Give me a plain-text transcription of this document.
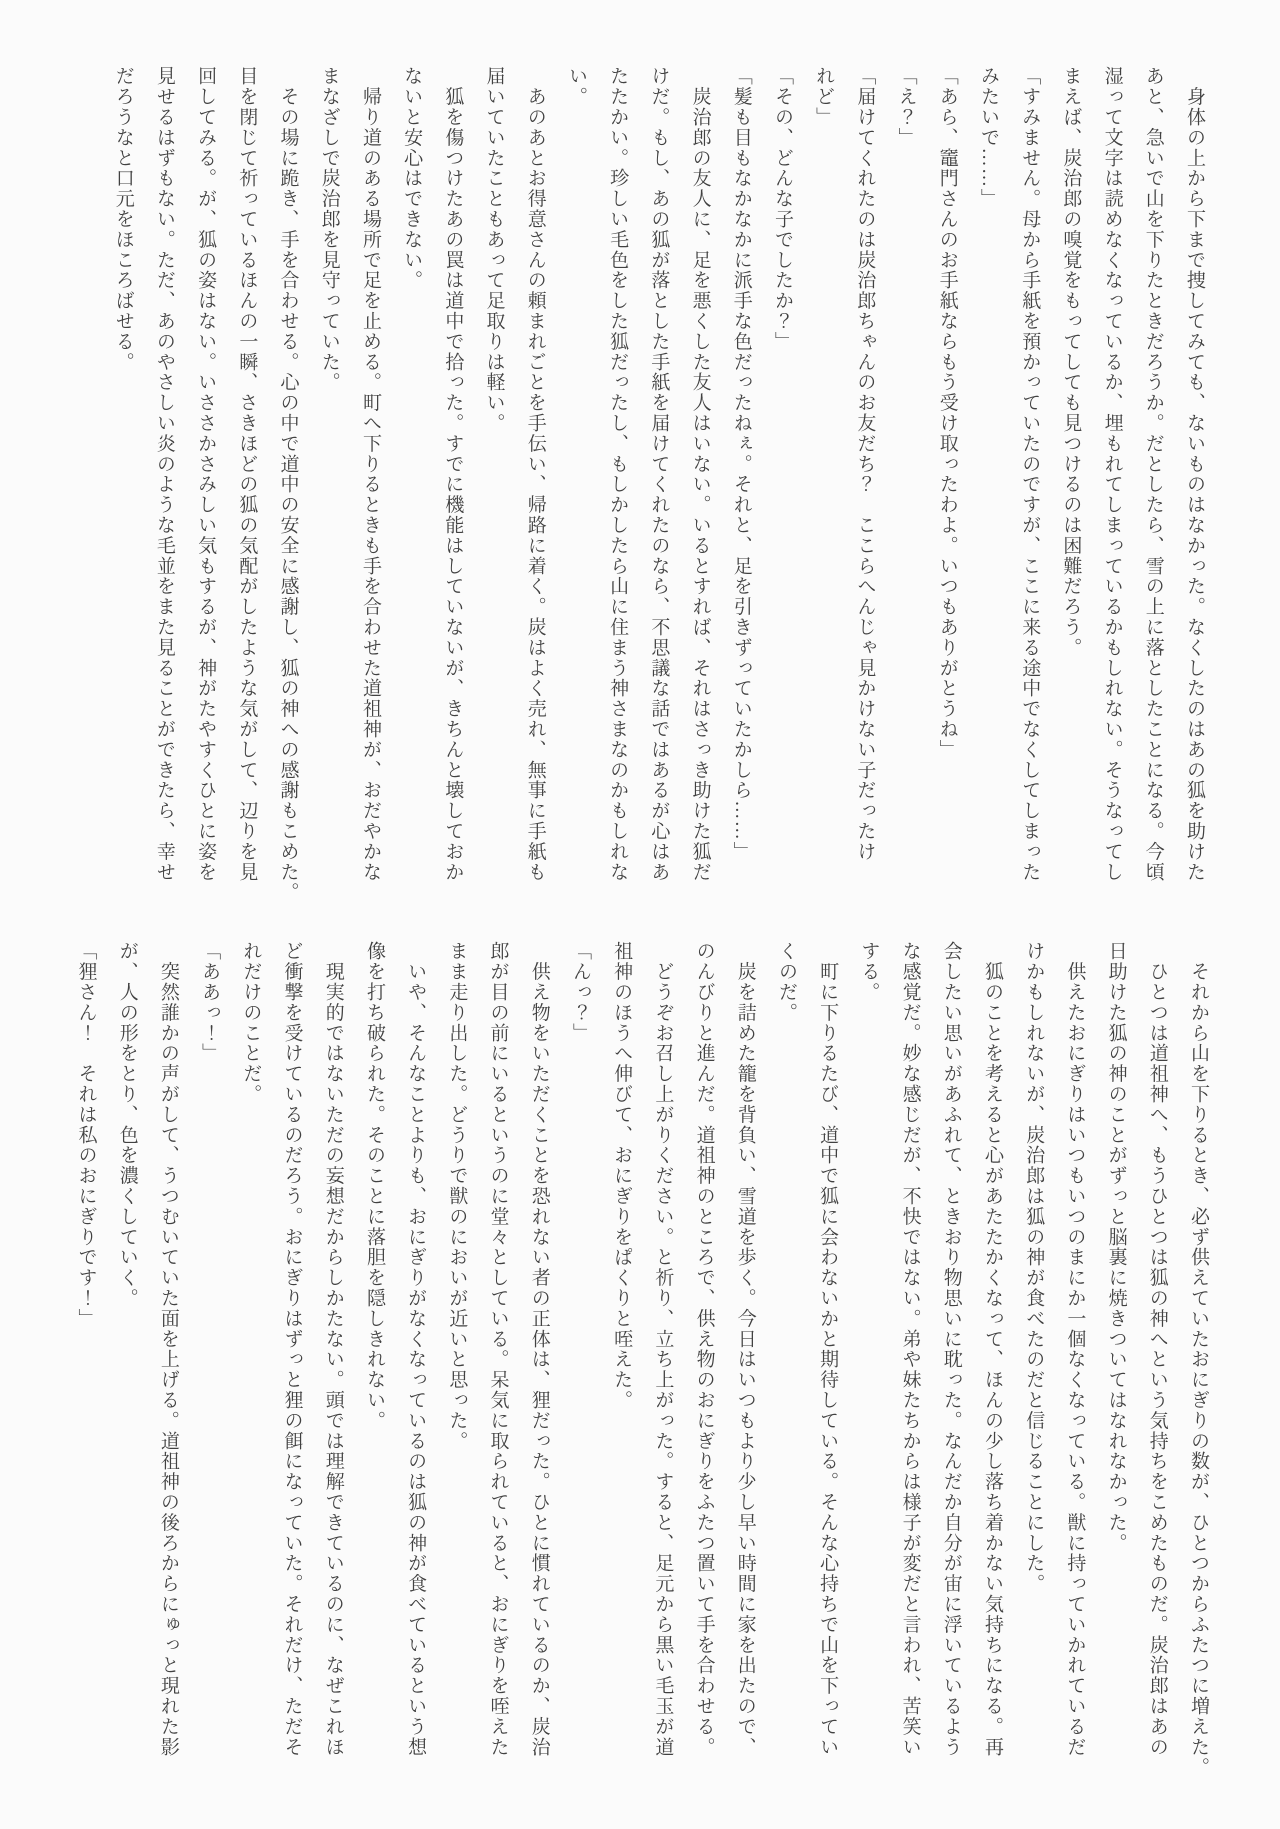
　身体の上から下まで捜してみても、ないものはなかった。なくしたのはあの狐を助けた

あと、急いで山を下りたときだろうか。だとしたら、雪の上に落としたことになる。今頃

湿って文字は読めなくなっているか、埋もれてしまっているかもしれない。そうなってし

まえば、炭治郎の嗅覚をもってしても見つけるのは困難だろう。

「すみません。母から手紙を預かっていたのですが、ここに来る途中でなくしてしまった

みたいで……」

「あら、竈門さんのお手紙ならもう受け取ったわよ。いつもありがとうね」

「え？」

「届けてくれたのは炭治郎ちゃんのお友だち？　ここらへんじゃ見かけない子だったけ

れど」

「その、どんな子でしたか？」

「髪も目もなかなかに派手な色だったねぇ。それと、足を引きずっていたかしら……」

　炭治郎の友人に、足を悪くした友人はいない。いるとすれば、それはさっき助けた狐だ

けだ。もし、あの狐が落とした手紙を届けてくれたのなら、不思議な話ではあるが心はあ

たたかい。珍しい毛色をした狐だったし、もしかしたら山に住まう神さまなのかもしれな

い。

　あのあとお得意さんの頼まれごとを手伝い、帰路に着く。炭はよく売れ、無事に手紙も

届いていたこともあって足取りは軽い。

　狐を傷つけたあの罠は道中で拾った。すでに機能はしていないが、きちんと壊しておか

ないと安心はできない。

　帰り道のある場所で足を止める。町へ下りるときも手を合わせた道祖神が、おだやかな

まなざしで炭治郎を見守っていた。

　その場に跪き、手を合わせる。心の中で道中の安全に感謝し、狐の神への感謝もこめた。

目を閉じて祈っているほんの一瞬、さきほどの狐の気配がしたような気がして、辺りを見

回してみる。が、狐の姿はない。いささかさみしい気もするが、神がたやすくひとに姿を

見せるはずもない。ただ、あのやさしい炎のような毛並をまた見ることができたら、幸せ

だろうなと口元をほころばせる。

　それから山を下りるとき、必ず供えていたおにぎりの数が、ひとつからふたつに増えた。

　ひとつは道祖神へ、もうひとつは狐の神へという気持ちをこめたものだ。炭治郎はあの

日助けた狐の神のことがずっと脳裏に焼きついてはなれなかった。

　供えたおにぎりはいつもいつのまにか一個なくなっている。獣に持っていかれているだ

けかもしれないが、炭治郎は狐の神が食べたのだと信じることにした。

　狐のことを考えると心があたたかくなって、ほんの少し落ち着かない気持ちになる。再

会したい思いがあふれて、ときおり物思いに耽った。なんだか自分が宙に浮いているよう

な感覚だ。妙な感じだが、不快ではない。弟や妹たちからは様子が変だと言われ、苦笑い

する。

　町に下りるたび、道中で狐に会わないかと期待している。そんな心持ちで山を下ってい

くのだ。

　炭を詰めた籠を背負い、雪道を歩く。今日はいつもより少し早い時間に家を出たので、

のんびりと進んだ。道祖神のところで、供え物のおにぎりをふたつ置いて手を合わせる。

　どうぞお召し上がりください。と祈り、立ち上がった。すると、足元から黒い毛玉が道

祖神のほうへ伸びて、おにぎりをぱくりと咥えた。

「んっ？」

　供え物をいただくことを恐れない者の正体は、狸だった。ひとに慣れているのか、炭治

郎が目の前にいるというのに堂々としている。呆気に取られていると、おにぎりを咥えた

まま走り出した。どうりで獣のにおいが近いと思った。

　いや、そんなことよりも、おにぎりがなくなっているのは狐の神が食べているという想

像を打ち破られた。そのことに落胆を隠しきれない。

　現実的ではないただの妄想だからしかたない。頭では理解できているのに、なぜこれほ

ど衝撃を受けているのだろう。おにぎりはずっと狸の餌になっていた。それだけ、ただそ

れだけのことだ。

「ああっ！」

　突然誰かの声がして、うつむいていた面を上げる。道祖神の後ろからにゅっと現れた影

が、人の形をとり、色を濃くしていく。

「狸さん！　それは私のおにぎりです！」
